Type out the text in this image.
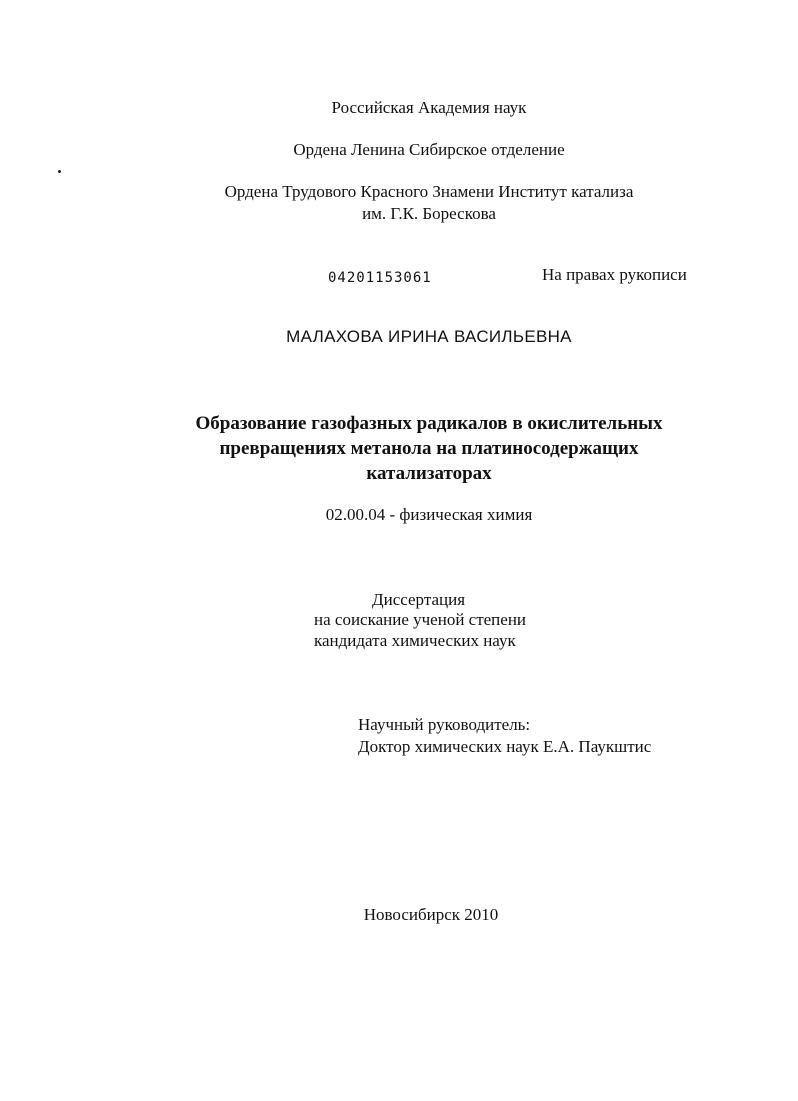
Российская Академия наук
Ордена Ленина Сибирское отделение
Ордена Трудового Красного Знамени Институт катализа
им. Г.К. Борескова
04201153061	На правах рукописи
МАЛАХОВА ИРИНА ВАСИЛЬЕВНА
Образование газофазных радикалов в окислительных
превращениях метанола на платиносодержащих
катализаторах
02.00.04 - физическая химия
Диссертация
на соискание ученой степени
кандидата химических наук
Научный руководитель:
Доктор химических наук Е.А. Паукштис
Новосибирск 2010
